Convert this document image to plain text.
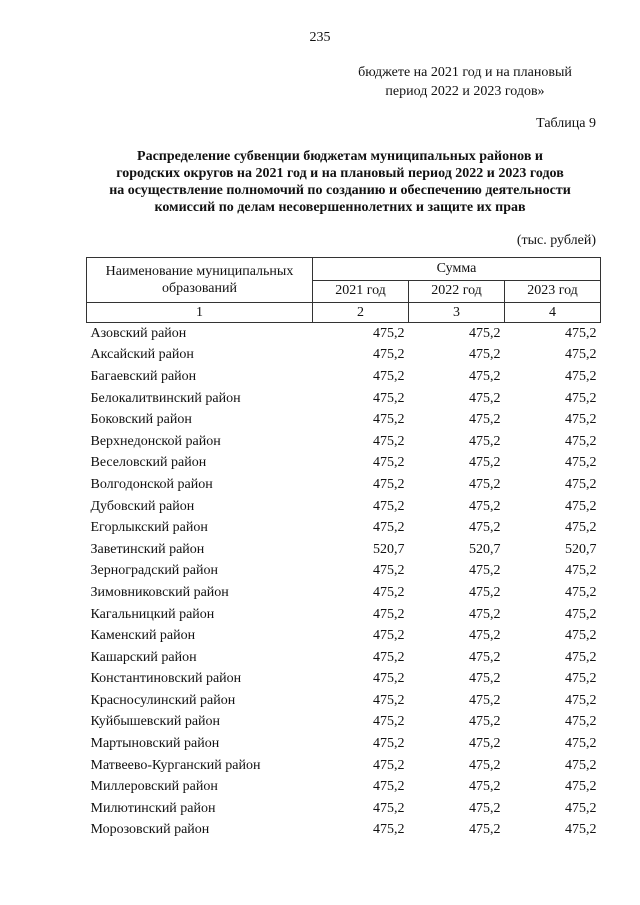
235
бюджете на 2021 год и на плановый
период 2022 и 2023 годов»
Таблица 9
Распределение субвенции бюджетам муниципальных районов и
городских округов на 2021 год и на плановый период 2022 и 2023 годов
на осуществление полномочий по созданию и обеспечению деятельности
комиссий по делам несовершеннолетних и защите их прав
(тыс. рублей)
Наименование муниципальных
образований	Сумма		
	2021 год	2022 год	2023 год
1	2	3	4
Азовский район	475,2	475,2	475,2
Аксайский район	475,2	475,2	475,2
Багаевский район	475,2	475,2	475,2
Белокалитвинский район	475,2	475,2	475,2
Боковский район	475,2	475,2	475,2
Верхнедонской район	475,2	475,2	475,2
Веселовский район	475,2	475,2	475,2
Волгодонской район	475,2	475,2	475,2
Дубовский район	475,2	475,2	475,2
Егорлыкский район	475,2	475,2	475,2
Заветинский район	520,7	520,7	520,7
Зерноградский район	475,2	475,2	475,2
Зимовниковский район	475,2	475,2	475,2
Кагальницкий район	475,2	475,2	475,2
Каменский район	475,2	475,2	475,2
Кашарский район	475,2	475,2	475,2
Константиновский район	475,2	475,2	475,2
Красносулинский район	475,2	475,2	475,2
Куйбышевский район	475,2	475,2	475,2
Мартыновский район	475,2	475,2	475,2
Матвеево-Курганский район	475,2	475,2	475,2
Миллеровский район	475,2	475,2	475,2
Милютинский район	475,2	475,2	475,2
Морозовский район	475,2	475,2	475,2
